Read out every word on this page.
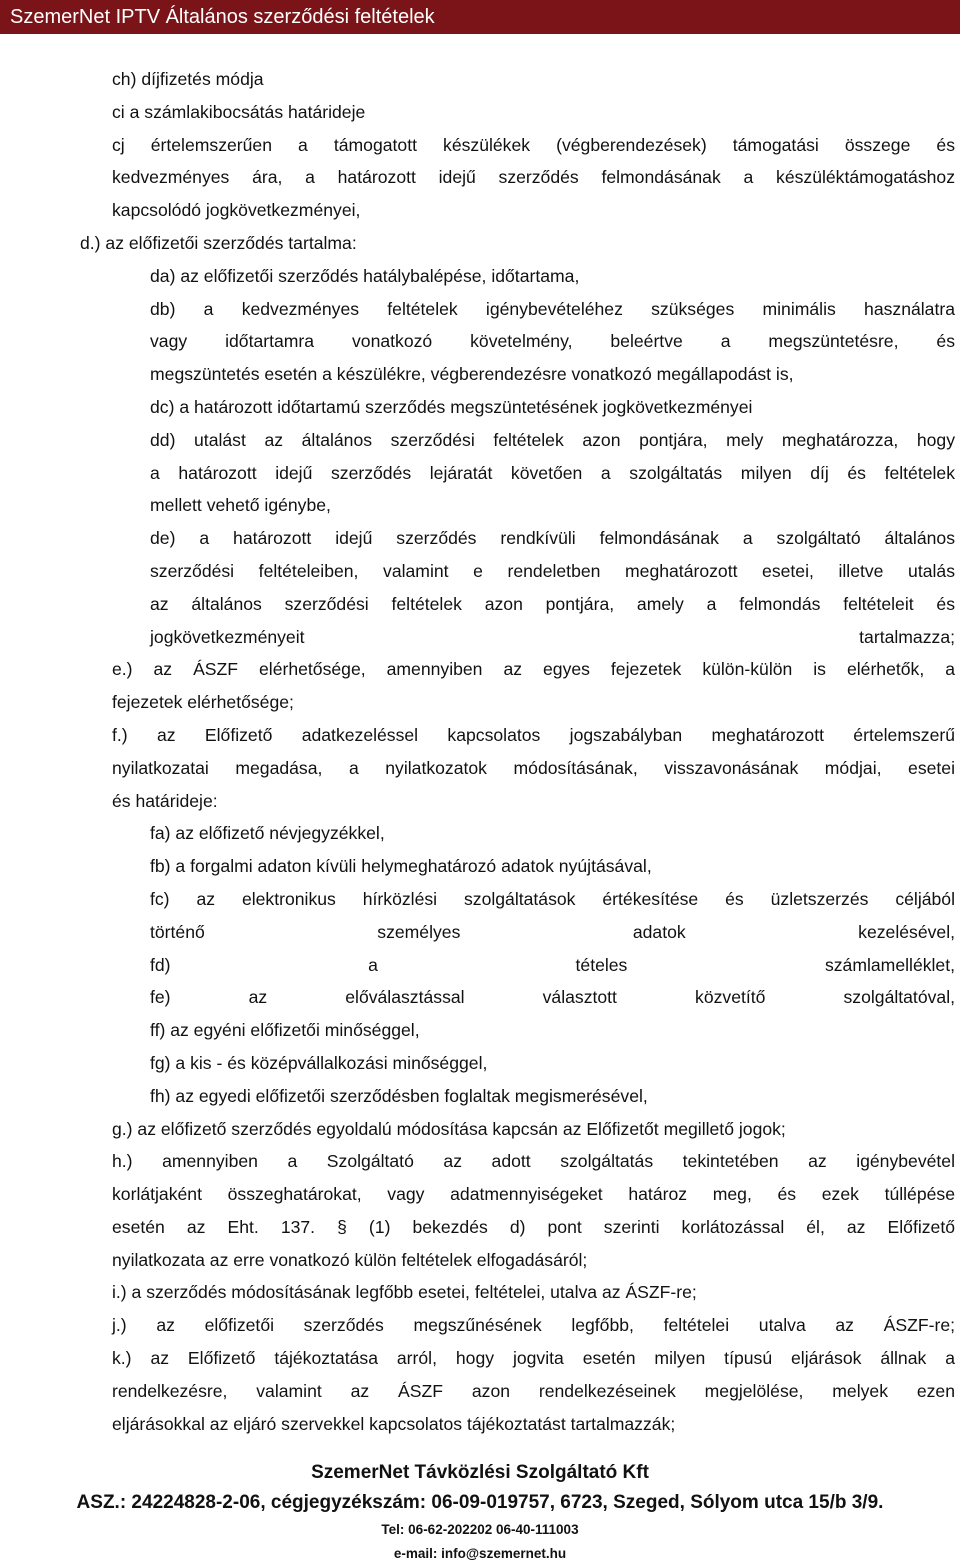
SzemerNet IPTV Általános szerződési feltételek
ch) díjfizetés módja
ci a számlakibocsátás határideje
cj értelemszerűen a támogatott készülékek (végberendezések) támogatási összege és
kedvezményes ára, a határozott idejű szerződés felmondásának a készüléktámogatáshoz
kapcsolódó jogkövetkezményei,
d.) az előfizetői szerződés tartalma:
da) az előfizetői szerződés hatálybalépése, időtartama,
db) a kedvezményes feltételek igénybevételéhez szükséges minimális használatra
vagy időtartamra vonatkozó követelmény, beleértve a megszüntetésre, és
megszüntetés esetén a készülékre, végberendezésre vonatkozó megállapodást is,
dc) a határozott időtartamú szerződés megszüntetésének jogkövetkezményei
dd) utalást az általános szerződési feltételek azon pontjára, mely meghatározza, hogy
a határozott idejű szerződés lejáratát követően a szolgáltatás milyen díj és feltételek
mellett vehető igénybe,
de) a határozott idejű szerződés rendkívüli felmondásának a szolgáltató általános
szerződési feltételeiben, valamint e rendeletben meghatározott esetei, illetve utalás
az általános szerződési feltételek azon pontjára, amely a felmondás feltételeit és
jogkövetkezményeit tartalmazza;
e.) az ÁSZF elérhetősége, amennyiben az egyes fejezetek külön-külön is elérhetők, a
fejezetek elérhetősége;
f.) az Előfizető adatkezeléssel kapcsolatos jogszabályban meghatározott értelemszerű
nyilatkozatai megadása, a nyilatkozatok módosításának, visszavonásának módjai, esetei
és határideje:
fa) az előfizető névjegyzékkel,
fb) a forgalmi adaton kívüli helymeghatározó adatok nyújtásával,
fc) az elektronikus hírközlési szolgáltatások értékesítése és üzletszerzés céljából
történő személyes adatok kezelésével,
fd) a tételes számlamelléklet,
fe) az előválasztással választott közvetítő szolgáltatóval,
ff) az egyéni előfizetői minőséggel,
fg) a kis - és középvállalkozási minőséggel,
fh) az egyedi előfizetői szerződésben foglaltak megismerésével,
g.) az előfizető szerződés egyoldalú módosítása kapcsán az Előfizetőt megillető jogok;
h.) amennyiben a Szolgáltató az adott szolgáltatás tekintetében az igénybevétel
korlátjaként összeghatárokat, vagy adatmennyiségeket határoz meg, és ezek túllépése
esetén az Eht. 137. § (1) bekezdés d) pont szerinti korlátozással él, az Előfizető
nyilatkozata az erre vonatkozó külön feltételek elfogadásáról;
i.) a szerződés módosításának legfőbb esetei, feltételei, utalva az ÁSZF-re;
j.) az előfizetői szerződés megszűnésének legfőbb, feltételei utalva az ÁSZF-re;
k.) az Előfizető tájékoztatása arról, hogy jogvita esetén milyen típusú eljárások állnak a
rendelkezésre, valamint az ÁSZF azon rendelkezéseinek megjelölése, melyek ezen
eljárásokkal az eljáró szervekkel kapcsolatos tájékoztatást tartalmazzák;
SzemerNet Távközlési Szolgáltató Kft
ASZ.: 24224828-2-06, cégjegyzékszám: 06-09-019757, 6723, Szeged, Sólyom utca 15/b 3/9.
Tel: 06-62-202202 06-40-111003
e-mail: info@szemernet.hu
